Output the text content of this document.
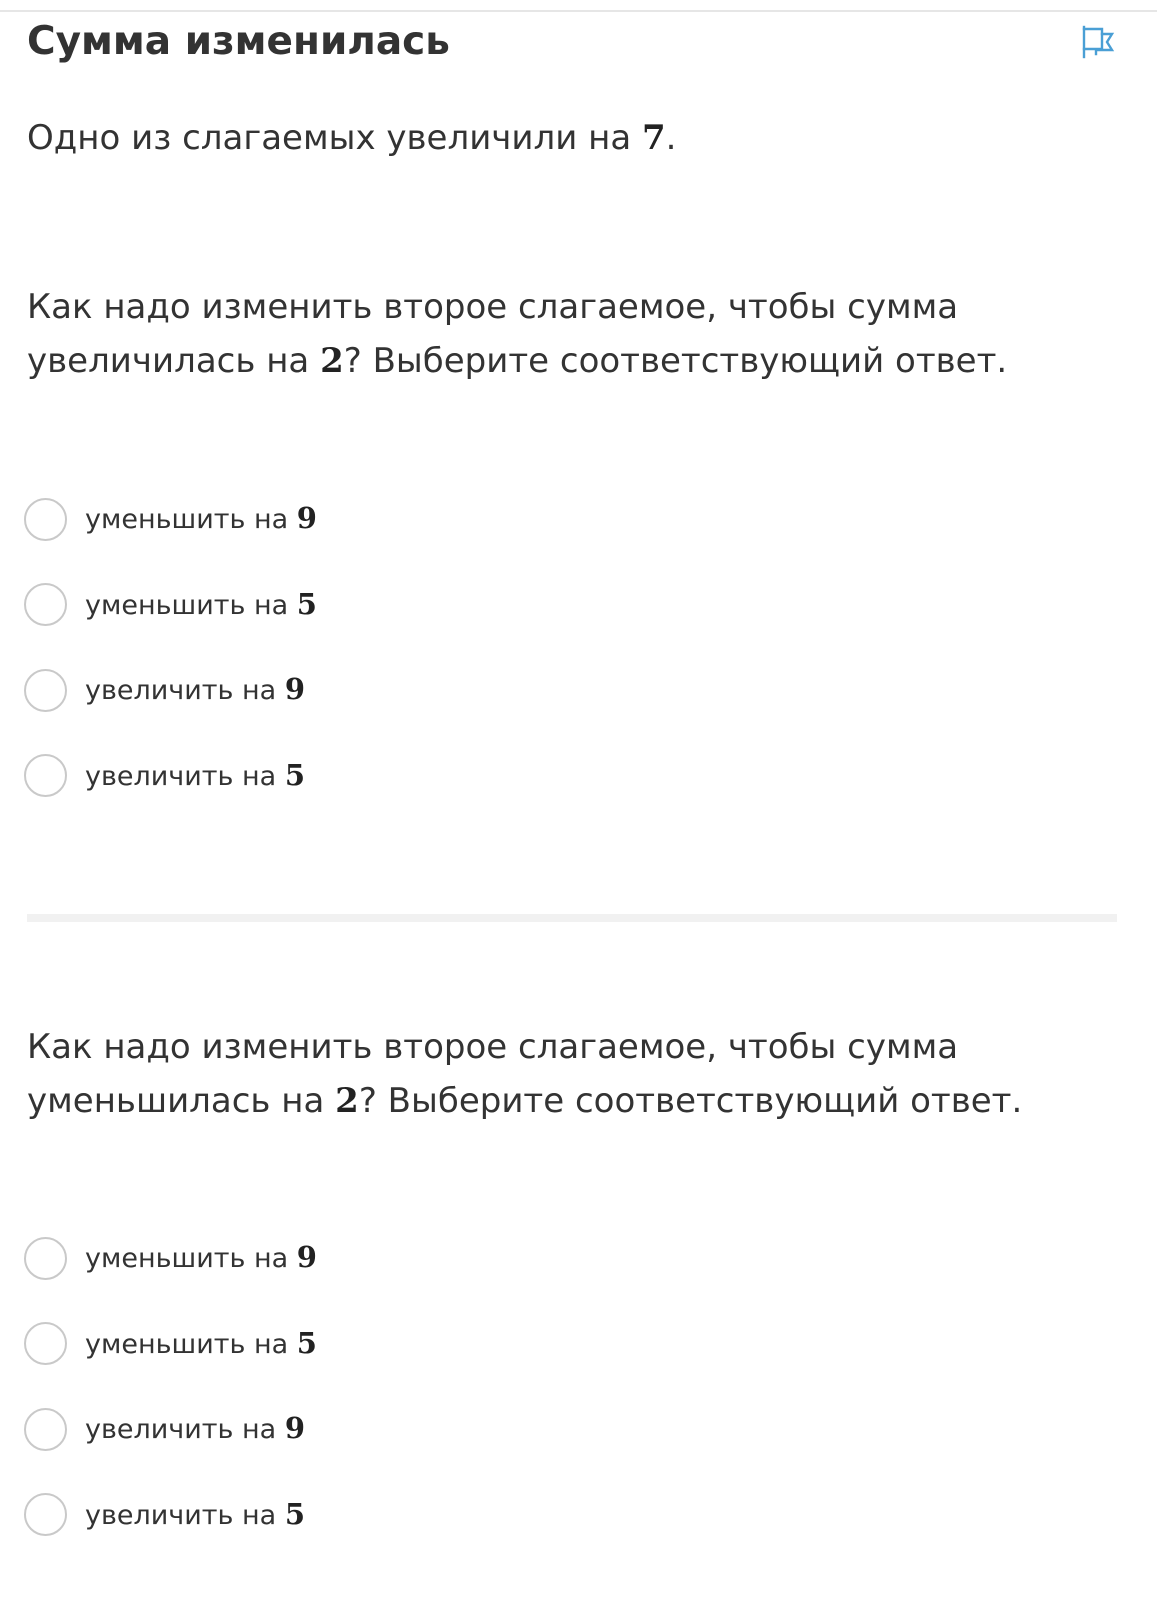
Сумма изменилась

Одно из слагаемых увеличили на 7.

Как надо изменить второе слагаемое, чтобы сумма
увеличилась на 2? Выберите соответствующий ответ.

уменьшить на 9
уменьшить на 5
увеличить на 9
увеличить на 5

Как надо изменить второе слагаемое, чтобы сумма
уменьшилась на 2? Выберите соответствующий ответ.

уменьшить на 9
уменьшить на 5
увеличить на 9
увеличить на 5
